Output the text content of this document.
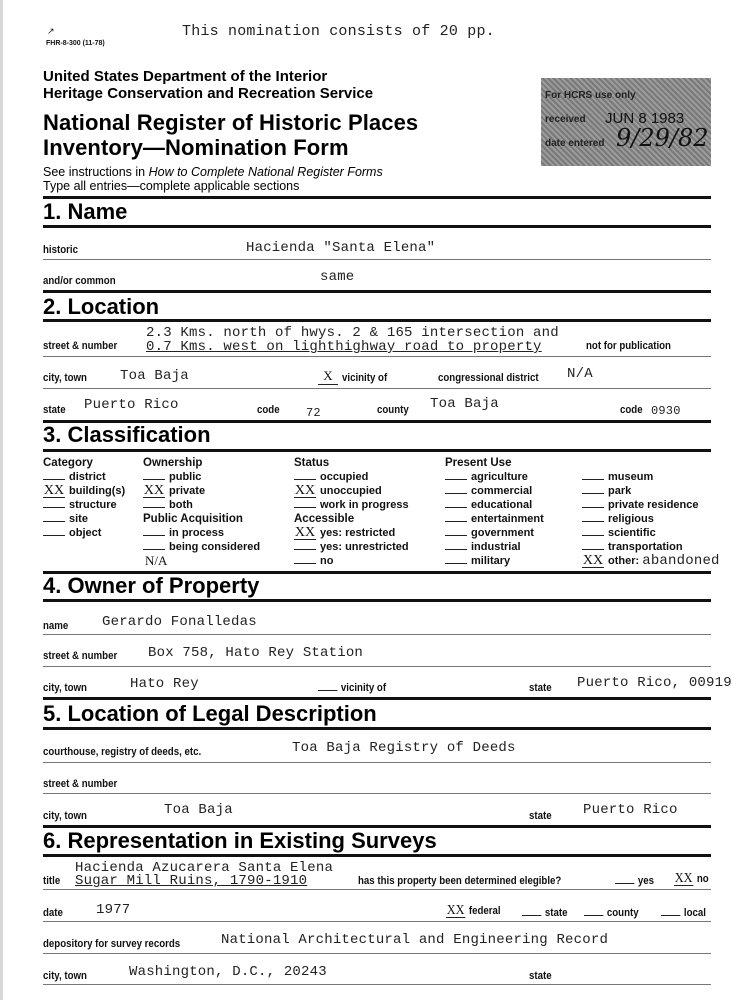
↗
FHR-8-300 (11-78)
This nomination consists of 20 pp.
United States Department of the Interior
Heritage Conservation and Recreation Service
National Register of Historic Places
Inventory—Nomination Form
See instructions in How to Complete National Register Forms
Type all entries—complete applicable sections
For HCRS use only
received JUN 8 1983
date entered 9/29/82
1. Name
historic	Hacienda "Santa Elena"
and/or common	same
2. Location
2.3 Kms. north of hwys. 2 & 165 intersection and
street & number 0.7 Kms. west on lighthighway road to property	not for publication
city, town Toa Baja	X vicinity of	congressional district N/A
state Puerto Rico	code 72	county Toa Baja	code 0930
3. Classification
Category
district
XX building(s)
structure
site
object
Ownership
public
XX private
both
Public Acquisition
in process
being considered
N/A
Status
occupied
XX unoccupied
work in progress
Accessible
XX yes: restricted
yes: unrestricted
no
Present Use
agriculture
commercial
educational
entertainment
government
industrial
military
museum
park
private residence
religious
scientific
transportation
XX other: abandoned
4. Owner of Property
name Gerardo Fonalledas
street & number Box 758, Hato Rey Station
city, town	Hato Rey	vicinity of	state Puerto Rico, 00919
5. Location of Legal Description
courthouse, registry of deeds, etc.	Toa Baja Registry of Deeds
street & number
city, town	Toa Baja	state Puerto Rico
6. Representation in Existing Surveys
Hacienda Azucarera Santa Elena
title Sugar Mill Ruins, 1790-1910	has this property been determined elegible?	yes XX no
date 1977	XX federal	state	county	local
depository for survey records	National Architectural and Engineering Record
city, town	Washington, D.C., 20243	state
